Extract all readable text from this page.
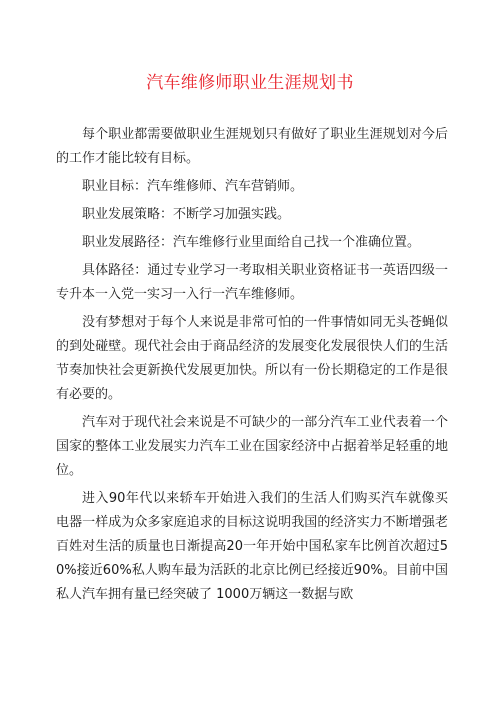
汽车维修师职业生涯规划书

每个职业都需要做职业生涯规划只有做好了职业生涯规划对今后的工作才能比较有目标。

职业目标：汽车维修师、汽车营销师。

职业发展策略：不断学习加强实践。

职业发展路径：汽车维修行业里面给自己找一个准确位置。

具体路径：通过专业学习一考取相关职业资格证书一英语四级一专升本一入党一实习一入行一汽车维修师。

没有梦想对于每个人来说是非常可怕的一件事情如同无头苍蝇似的到处碰壁。现代社会由于商品经济的发展变化发展很快人们的生活节奏加快社会更新换代发展更加快。所以有一份长期稳定的工作是很有必要的。

汽车对于现代社会来说是不可缺少的一部分汽车工业代表着一个国家的整体工业发展实力汽车工业在国家经济中占据着举足轻重的地位。

进入90年代以来轿车开始进入我们的生活人们购买汽车就像买电器一样成为众多家庭追求的目标这说明我国的经济实力不断增强老百姓对生活的质量也日渐提高20一年开始中国私家车比例首次超过50%接近60%私人购车最为活跃的北京比例已经接近90%。目前中国私人汽车拥有量已经突破了 1000万辆这一数据与欧
